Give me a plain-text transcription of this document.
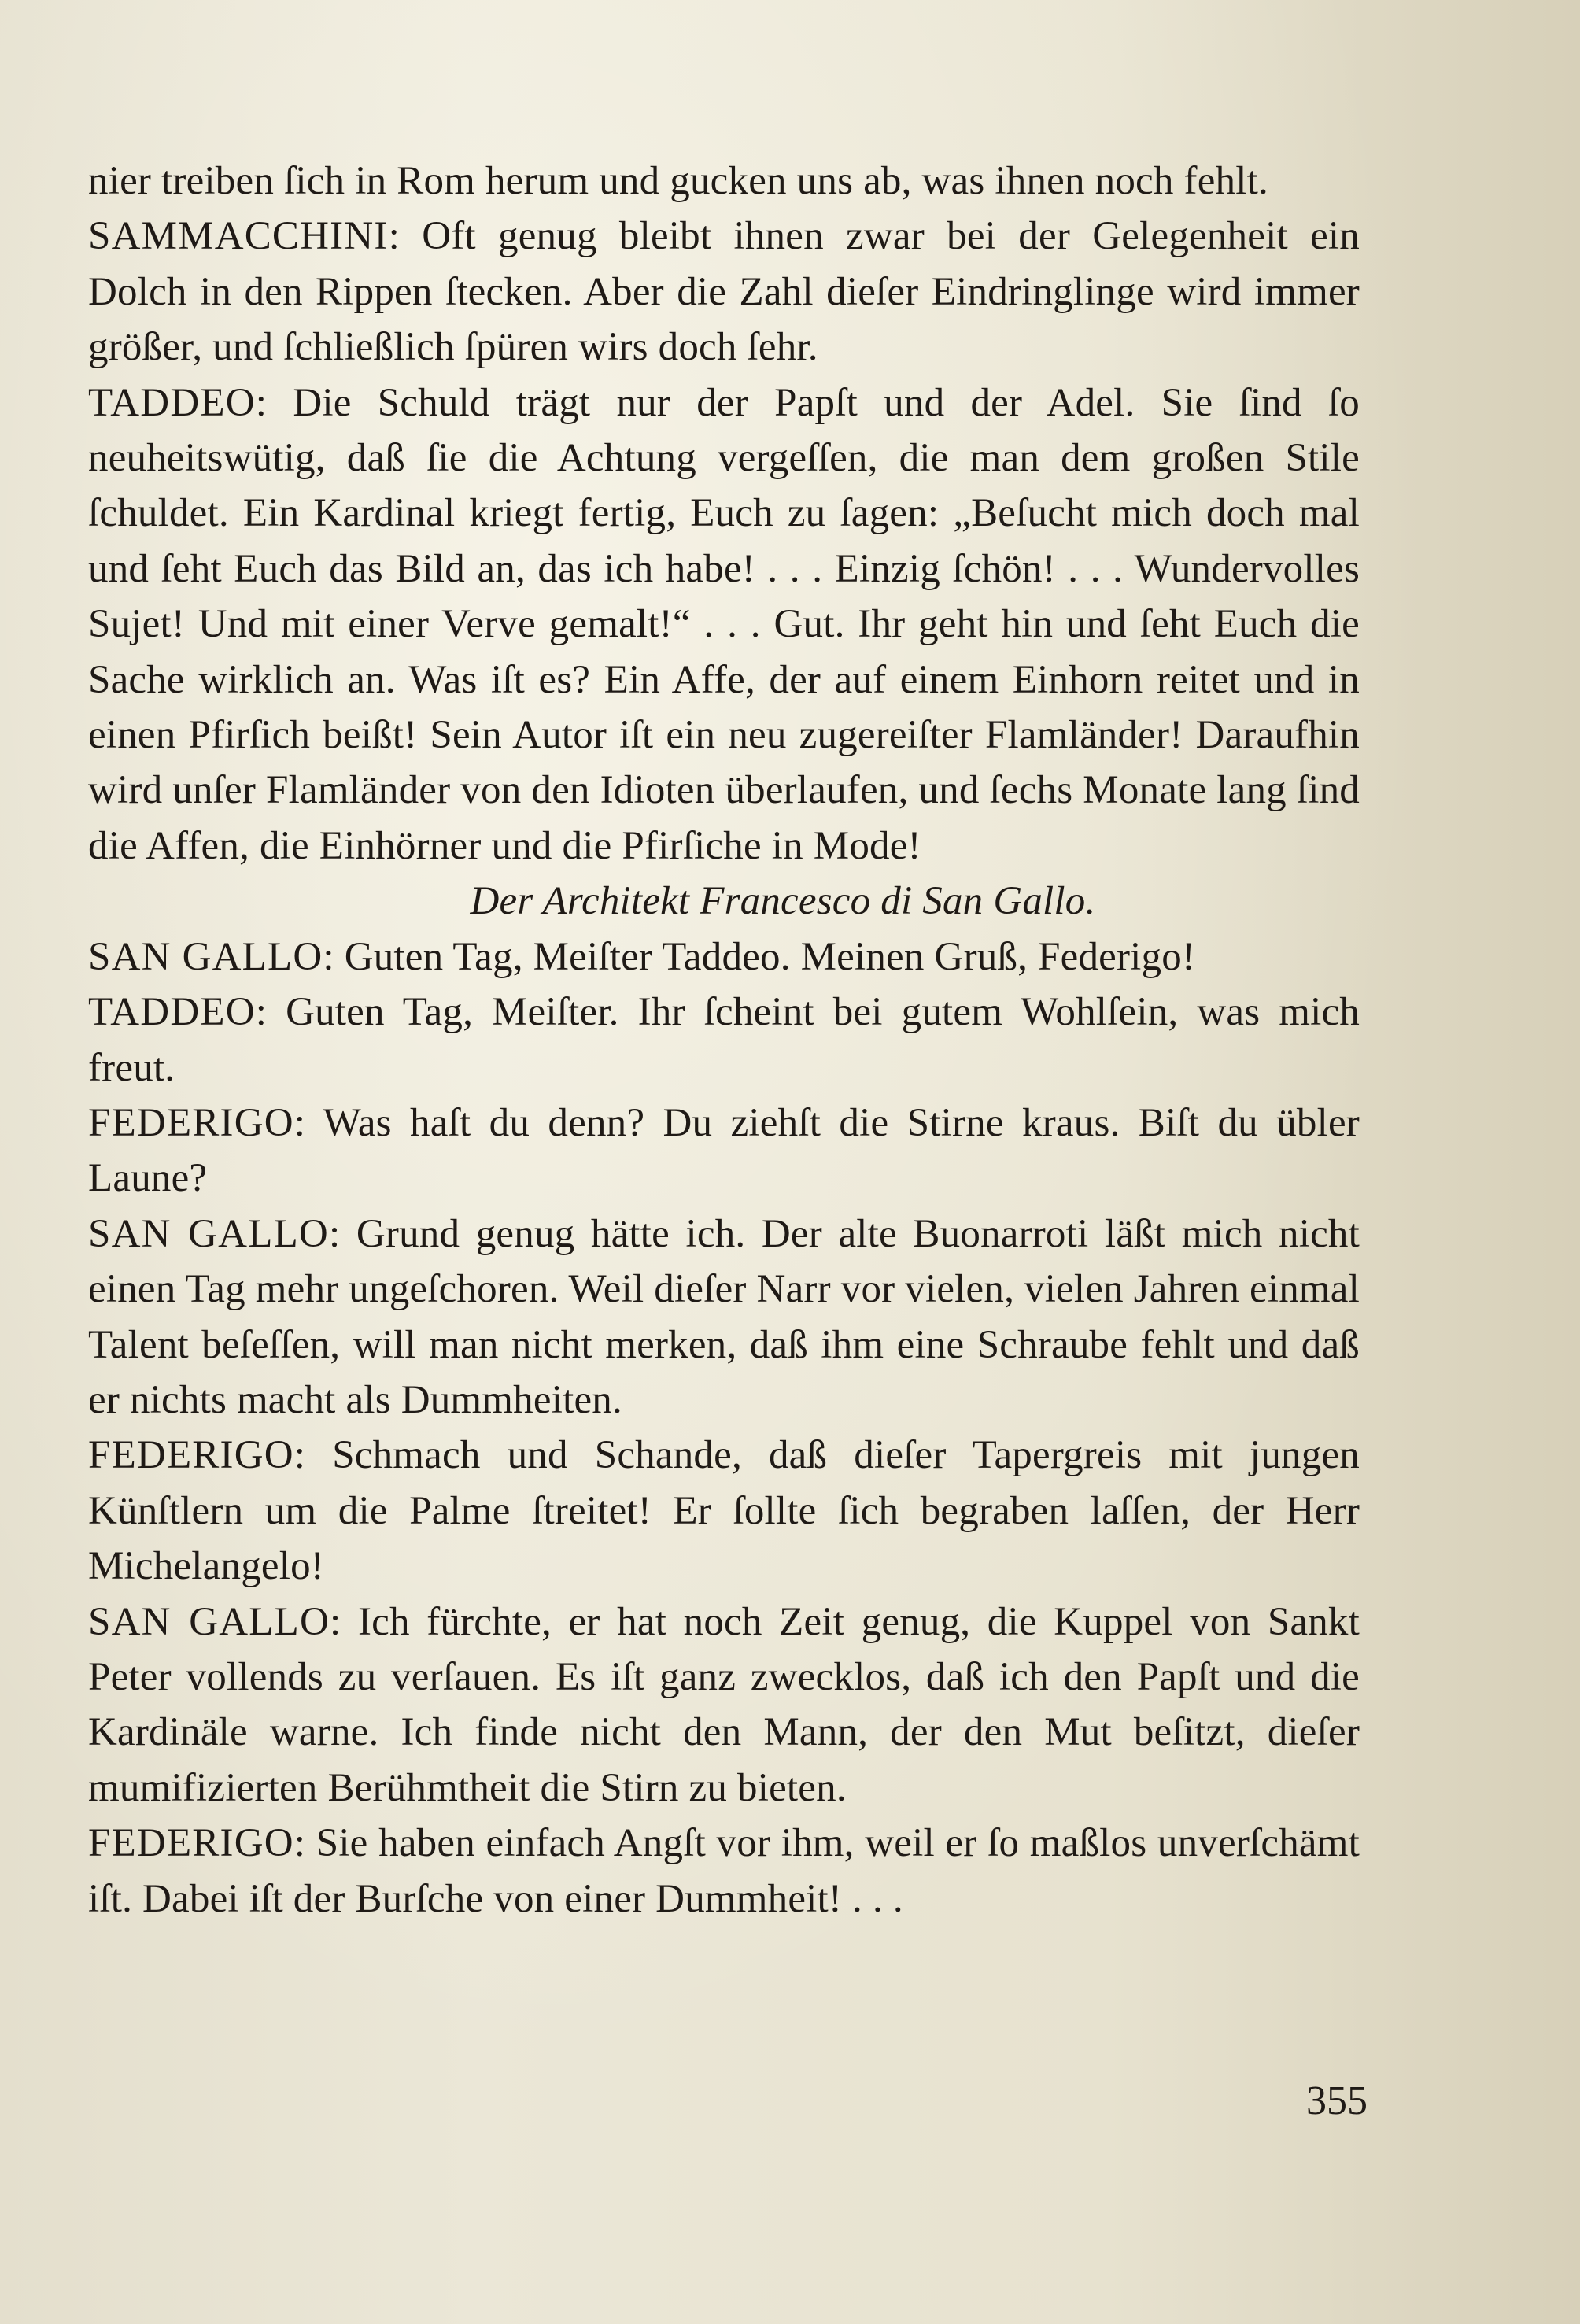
nier treiben ſich in Rom herum und gucken uns ab, was ihnen noch fehlt.

SAMMACCHINI: Oft genug bleibt ihnen zwar bei der Gelegenheit ein Dolch in den Rippen ſtecken. Aber die Zahl dieſer Eindringlinge wird immer größer, und ſchließlich ſpüren wirs doch ſehr.

TADDEO: Die Schuld trägt nur der Papſt und der Adel. Sie ſind ſo neuheitswütig, daß ſie die Achtung vergeſſen, die man dem großen Stile ſchuldet. Ein Kardinal kriegt fertig, Euch zu ſagen: „Beſucht mich doch mal und ſeht Euch das Bild an, das ich habe! . . . Einzig ſchön! . . . Wundervolles Sujet! Und mit einer Verve gemalt!“ . . . Gut. Ihr geht hin und ſeht Euch die Sache wirklich an. Was iſt es? Ein Affe, der auf einem Einhorn reitet und in einen Pfirſich beißt! Sein Autor iſt ein neu zugereiſter Flamländer! Daraufhin wird unſer Flamländer von den Idioten überlaufen, und ſechs Monate lang ſind die Affen, die Einhörner und die Pfirſiche in Mode!

Der Architekt Francesco di San Gallo.

SAN GALLO: Guten Tag, Meiſter Taddeo. Meinen Gruß, Federigo!

TADDEO: Guten Tag, Meiſter. Ihr ſcheint bei gutem Wohlſein, was mich freut.

FEDERIGO: Was haſt du denn? Du ziehſt die Stirne kraus. Biſt du übler Laune?

SAN GALLO: Grund genug hätte ich. Der alte Buonarroti läßt mich nicht einen Tag mehr ungeſchoren. Weil dieſer Narr vor vielen, vielen Jahren einmal Talent beſeſſen, will man nicht merken, daß ihm eine Schraube fehlt und daß er nichts macht als Dummheiten.

FEDERIGO: Schmach und Schande, daß dieſer Tapergreis mit jungen Künſtlern um die Palme ſtreitet! Er ſollte ſich begraben laſſen, der Herr Michelangelo!

SAN GALLO: Ich fürchte, er hat noch Zeit genug, die Kuppel von Sankt Peter vollends zu verſauen. Es iſt ganz zwecklos, daß ich den Papſt und die Kardinäle warne. Ich finde nicht den Mann, der den Mut beſitzt, dieſer mumifizierten Berühmtheit die Stirn zu bieten.

FEDERIGO: Sie haben einfach Angſt vor ihm, weil er ſo maßlos unverſchämt iſt. Dabei iſt der Burſche von einer Dummheit! . . .

355
